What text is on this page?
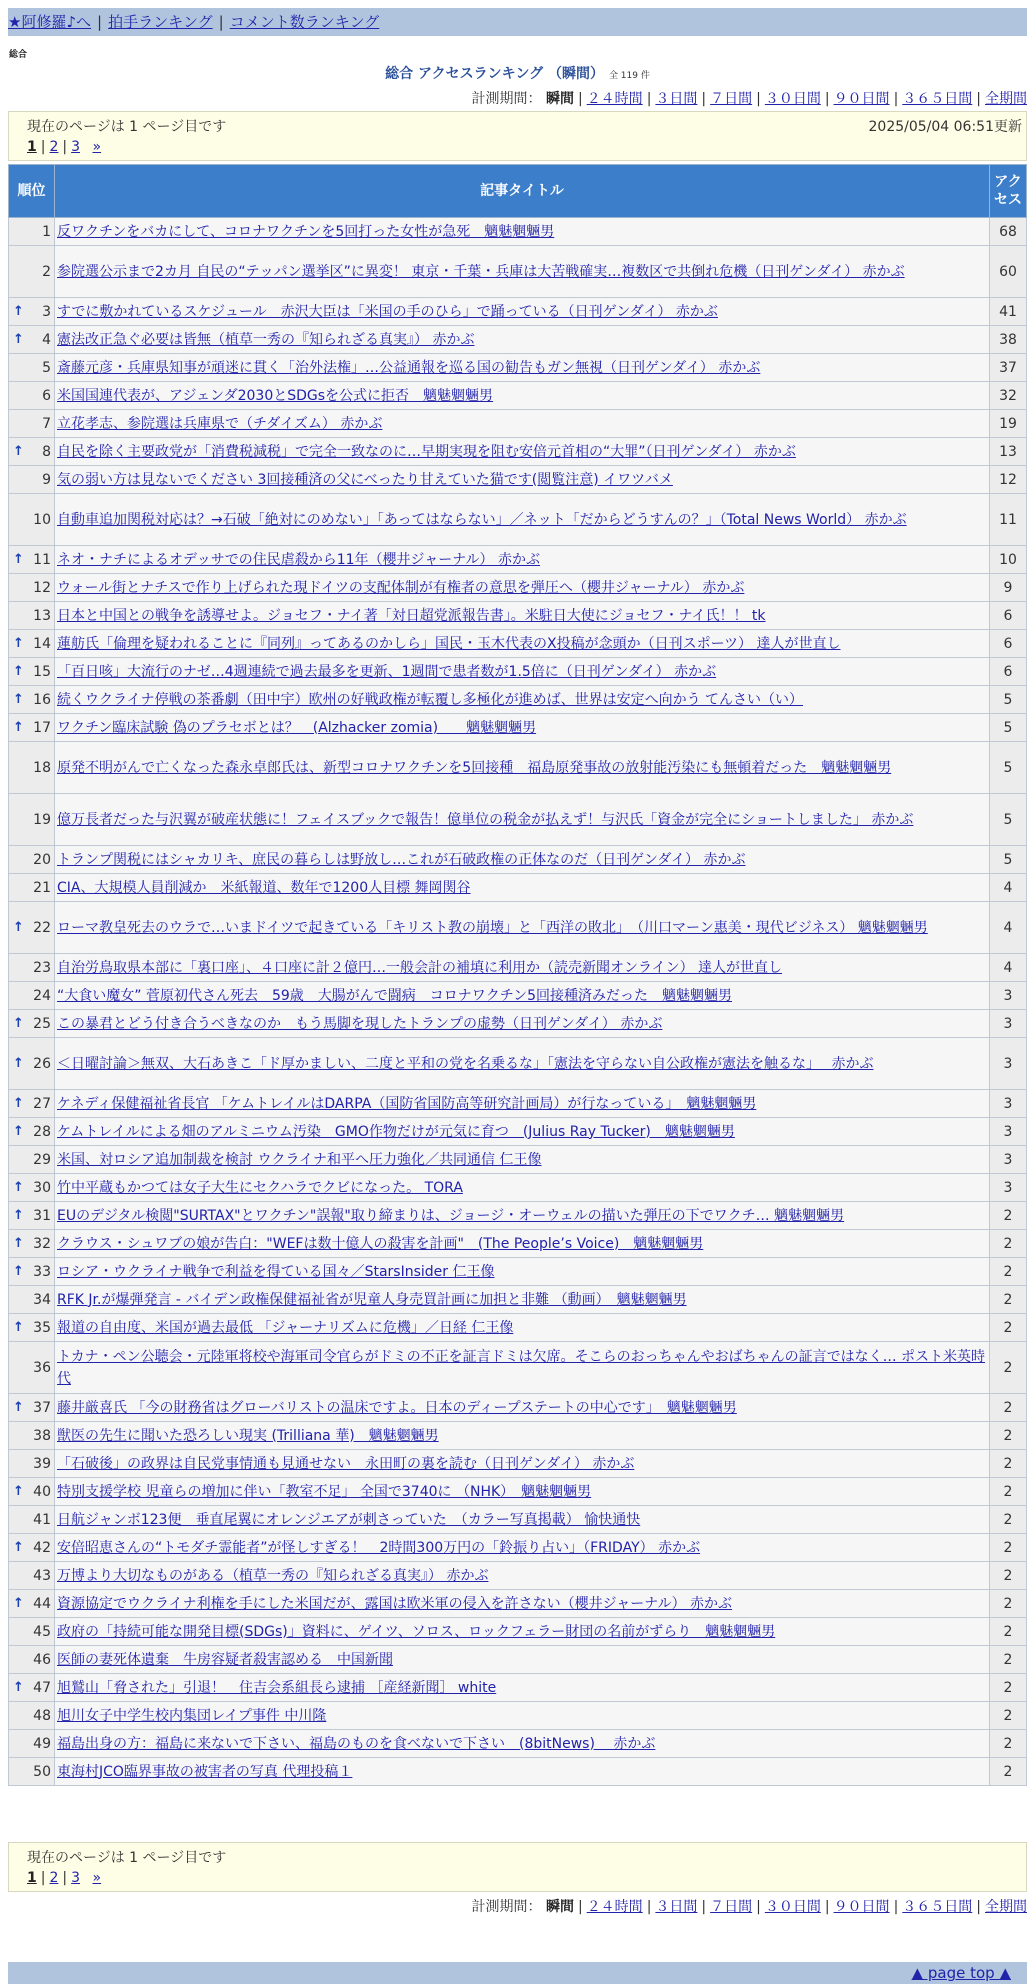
★阿修羅♪へ | 拍手ランキング | コメント数ランキング
総合
総合 アクセスランキング （瞬間） 全 119 件
計測期間： 瞬間 | ２４時間 | ３日間 | ７日間 | ３０日間 | ９０日間 | ３６５日間 | 全期間
現在のページは 1 ページ目です	2025/05/04 06:51更新
1 | 2 | 3 »
順位	記事タイトル	アクセス
1	反ワクチンをバカにして、コロナワクチンを5回打った女性が急死　魑魅魍魎男	68
2	参院選公示まで2カ月 自民の“テッパン選挙区”に異変！ 東京・千葉・兵庫は大苦戦確実…複数区で共倒れ危機（日刊ゲンダイ） 赤かぶ	60

↑ 3	すでに敷かれているスケジュール　赤沢大臣は「米国の手のひら」で踊っている（日刊ゲンダイ） 赤かぶ	41

↑ 4	憲法改正急ぐ必要は皆無（植草一秀の『知られざる真実』） 赤かぶ	38
5	斎藤元彦・兵庫県知事が頑迷に貫く「治外法権」…公益通報を巡る国の勧告もガン無視（日刊ゲンダイ） 赤かぶ	37
6	米国国連代表が、アジェンダ2030とSDGsを公式に拒否　魑魅魍魎男	32
7	立花孝志、参院選は兵庫県で（チダイズム） 赤かぶ	19

↑ 8	自民を除く主要政党が「消費税減税」で完全一致なのに…早期実現を阻む安倍元首相の“大罪”（日刊ゲンダイ） 赤かぶ	13
9	気の弱い方は見ないでください 3回接種済の父にべったり甘えていた猫です(閲覧注意) イワツバメ	12
10	自動車追加関税対応は？→石破「絶対にのめない」「あってはならない」／ネット「だからどうすんの？」（Total News World） 赤かぶ	11

↑ 11	ネオ・ナチによるオデッサでの住民虐殺から11年（櫻井ジャーナル） 赤かぶ	10
12	ウォール街とナチスで作り上げられた現ドイツの支配体制が有権者の意思を弾圧へ（櫻井ジャーナル） 赤かぶ	9
13	日本と中国との戦争を誘導せよ。ジョセフ・ナイ著「対日超党派報告書」。米駐日大使にジョセフ・ナイ氏！！ tk	6

↑ 14	蓮舫氏「倫理を疑われることに『同列』ってあるのかしら」国民・玉木代表のX投稿が念頭か（日刊スポーツ） 達人が世直し	6

↑ 15	「百日咳」大流行のナゼ…4週連続で過去最多を更新、1週間で患者数が1.5倍に（日刊ゲンダイ） 赤かぶ	6

↑ 16	続くウクライナ停戦の茶番劇（田中宇）欧州の好戦政権が転覆し多極化が進めば、世界は安定へ向かう てんさい（い）	5

↑ 17	ワクチン臨床試験 偽のプラセボとは？　(Alzhacker zomia)　　魑魅魍魎男	5
18	原発不明がんで亡くなった森永卓郎氏は、新型コロナワクチンを5回接種　福島原発事故の放射能汚染にも無頓着だった　魑魅魍魎男	5
19	億万長者だった与沢翼が破産状態に！フェイスブックで報告！億単位の税金が払えず！与沢氏「資金が完全にショートしました」 赤かぶ	5
20	トランプ関税にはシャカリキ、庶民の暮らしは野放し…これが石破政権の正体なのだ（日刊ゲンダイ） 赤かぶ	5
21	CIA、大規模人員削減か　米紙報道、数年で1200人目標 舞岡関谷	4

↑ 22	ローマ教皇死去のウラで…いまドイツで起きている「キリスト教の崩壊」と「西洋の敗北」　（川口マーン惠美・現代ビジネス） 魑魅魍魎男	4
23	自治労鳥取県本部に「裏口座」、４口座に計２億円…一般会計の補填に利用か（読売新聞オンライン） 達人が世直し	4
24	“大食い魔女” 菅原初代さん死去　59歳　大腸がんで闘病　コロナワクチン5回接種済みだった　魑魅魍魎男	3

↑ 25	この暴君とどう付き合うべきなのか　もう馬脚を現したトランプの虚勢（日刊ゲンダイ） 赤かぶ	3

↑ 26	＜日曜討論＞無双、大石あきこ「ド厚かましい、二度と平和の党を名乗るな」「憲法を守らない自公政権が憲法を触るな」　 赤かぶ	3

↑ 27	ケネディ保健福祉省長官 「ケムトレイルはDARPA（国防省国防高等研究計画局）が行なっている」　魑魅魍魎男	3

↑ 28	ケムトレイルによる畑のアルミニウム汚染　GMO作物だけが元気に育つ　(Julius Ray Tucker)　魑魅魍魎男	3
29	米国、対ロシア追加制裁を検討 ウクライナ和平へ圧力強化／共同通信 仁王像	3

↑ 30	竹中平蔵もかつては女子大生にセクハラでクビになった。 TORA	3

↑ 31	EUのデジタル検閲"SURTAX"とワクチン"誤報"取り締まりは、ジョージ・オーウェルの描いた弾圧の下でワクチ… 魑魅魍魎男	2

↑ 32	クラウス・シュワブの娘が告白："WEFは数十億人の殺害を計画"　(The People’s Voice)　魑魅魍魎男	2

↑ 33	ロシア・ウクライナ戦争で利益を得ている国々／StarsInsider 仁王像	2
34	RFK Jr.が爆弾発言 - バイデン政権保健福祉省が児童人身売買計画に加担と非難 （動画）　魑魅魍魎男	2

↑ 35	報道の自由度、米国が過去最低 「ジャーナリズムに危機」／日経 仁王像	2
36	トカナ・ペン公聴会・元陸軍将校や海軍司令官らがドミの不正を証言ドミは欠席。そこらのおっちゃんやおばちゃんの証言ではなく… ポスト米英時代	2

↑ 37	藤井厳喜氏 「今の財務省はグローバリストの温床ですよ。日本のディープステートの中心です」　魑魅魍魎男	2
38	獣医の先生に聞いた恐ろしい現実 (Trilliana 華)　魑魅魍魎男	2
39	「石破後」の政界は自民党事情通も見通せない　永田町の裏を読む（日刊ゲンダイ） 赤かぶ	2

↑ 40	特別支援学校 児童らの増加に伴い「教室不足」 全国で3740に （NHK）　魑魅魍魎男	2
41	日航ジャンボ123便　垂直尾翼にオレンジエアが刺さっていた　（カラー写真掲載） 愉快通快	2

↑ 42	安倍昭恵さんの“トモダチ霊能者”が怪しすぎる！　2時間300万円の「鈴振り占い」（FRIDAY） 赤かぶ	2
43	万博より大切なものがある（植草一秀の『知られざる真実』） 赤かぶ	2

↑ 44	資源協定でウクライナ利権を手にした米国だが、露国は欧米軍の侵入を許さない（櫻井ジャーナル） 赤かぶ	2
45	政府の「持続可能な開発目標(SDGs)」資料に、ゲイツ、ソロス、ロックフェラー財団の名前がずらり　魑魅魍魎男	2
46	医師の妻死体遺棄　牛房容疑者殺害認める　中国新聞	2

↑ 47	旭鷲山「脅された」引退！　住吉会系組長ら逮捕 ［産経新聞］ white	2
48	旭川女子中学生校内集団レイプ事件 中川隆	2
49	福島出身の方：福島に来ないで下さい、福島のものを食べないで下さい　(8bitNews)　 赤かぶ	2
50	東海村JCO臨界事故の被害者の写真 代理投稿１	2
現在のページは 1 ページ目です
1 | 2 | 3 »
計測期間： 瞬間 | ２４時間 | ３日間 | ７日間 | ３０日間 | ９０日間 | ３６５日間 | 全期間
▲ page top ▲
